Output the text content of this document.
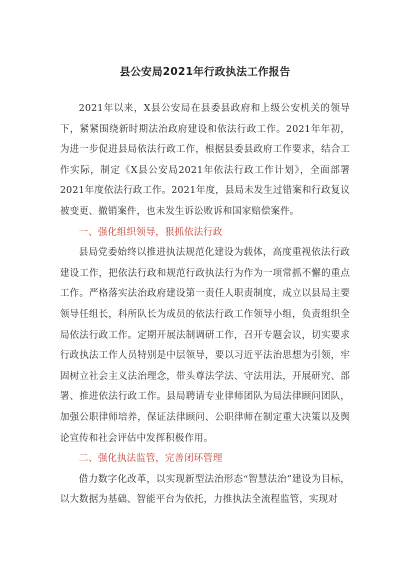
县公安局2021年行政执法工作报告

2021年以来，X县公安局在县委县政府和上级公安机关的领导下，紧紧围绕新时期法治政府建设和依法行政工作。2021年年初，为进一步促进县局依法行政工作，根据县委县政府工作要求，结合工作实际，制定《X县公安局2021年依法行政工作计划》，全面部署2021年度依法行政工作。2021年度，县局未发生过错案和行政复议被变更、撤销案件，也未发生诉讼败诉和国家赔偿案件。

一、强化组织领导，狠抓依法行政

县局党委始终以推进执法规范化建设为载体，高度重视依法行政建设工作，把依法行政和规范行政执法行为作为一项常抓不懈的重点工作。严格落实法治政府建设第一责任人职责制度，成立以县局主要领导任组长，科所队长为成员的依法行政工作领导小组，负责组织全局依法行政工作。定期开展法制调研工作，召开专题会议，切实要求行政执法工作人员特别是中层领导，要以习近平法治思想为引领，牢固树立社会主义法治理念，带头尊法学法、守法用法，开展研究、部署、推进依法行政工作。县局聘请专业律师团队为局法律顾问团队，加强公职律师培养，保证法律顾问、公职律师在制定重大决策以及舆论宣传和社会评估中发挥积极作用。

二、强化执法监管，完善闭环管理

借力数字化改革，以实现新型法治形态“智慧法治”建设为目标，以大数据为基础、智能平台为依托，力推执法全流程监管，实现对
